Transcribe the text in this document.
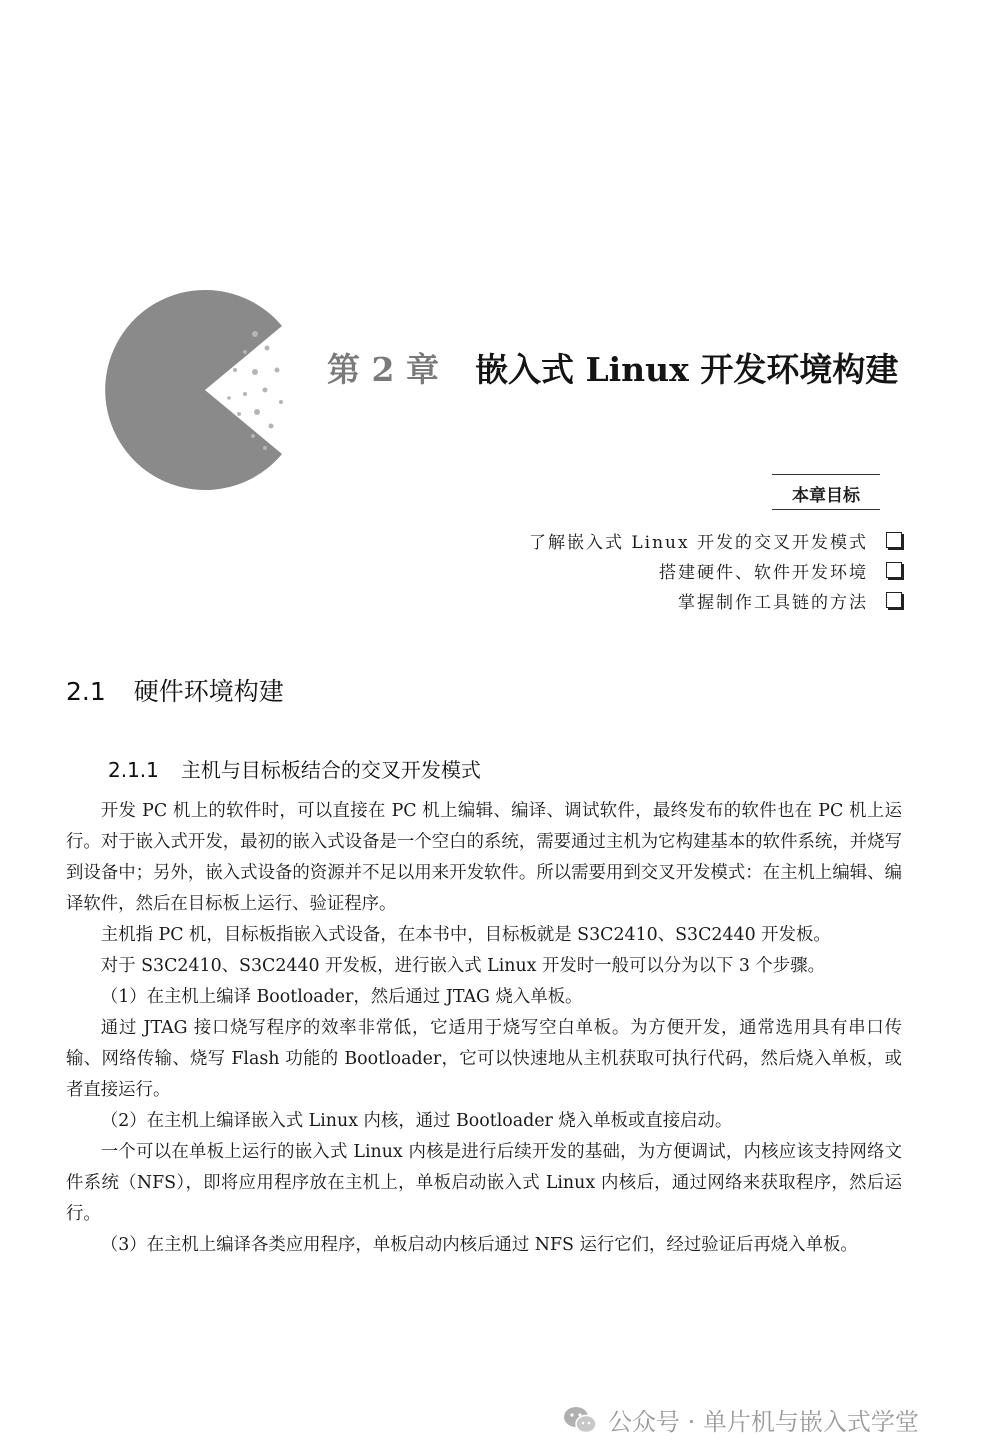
第 2 章 嵌入式 Linux 开发环境构建
本章目标
了解嵌入式 Linux 开发的交叉开发模式
搭建硬件、软件开发环境
掌握制作工具链的方法
2.1 硬件环境构建
2.1.1 主机与目标板结合的交叉开发模式

开发 PC 机上的软件时，可以直接在 PC 机上编辑、编译、调试软件，最终发布的软件也在 PC 机上运行。对于嵌入式开发，最初的嵌入式设备是一个空白的系统，需要通过主机为它构建基本的软件系统，并烧写到设备中；另外，嵌入式设备的资源并不足以用来开发软件。所以需要用到交叉开发模式：在主机上编辑、编译软件，然后在目标板上运行、验证程序。

主机指 PC 机，目标板指嵌入式设备，在本书中，目标板就是 S3C2410、S3C2440 开发板。

对于 S3C2410、S3C2440 开发板，进行嵌入式 Linux 开发时一般可以分为以下 3 个步骤。

（1）在主机上编译 Bootloader，然后通过 JTAG 烧入单板。

通过 JTAG 接口烧写程序的效率非常低，它适用于烧写空白单板。为方便开发，通常选用具有串口传输、网络传输、烧写 Flash 功能的 Bootloader，它可以快速地从主机获取可执行代码，然后烧入单板，或者直接运行。

（2）在主机上编译嵌入式 Linux 内核，通过 Bootloader 烧入单板或直接启动。

一个可以在单板上运行的嵌入式 Linux 内核是进行后续开发的基础，为方便调试，内核应该支持网络文件系统（NFS），即将应用程序放在主机上，单板启动嵌入式 Linux 内核后，通过网络来获取程序，然后运行。

（3）在主机上编译各类应用程序，单板启动内核后通过 NFS 运行它们，经过验证后再烧入单板。

公众号 · 单片机与嵌入式学堂
